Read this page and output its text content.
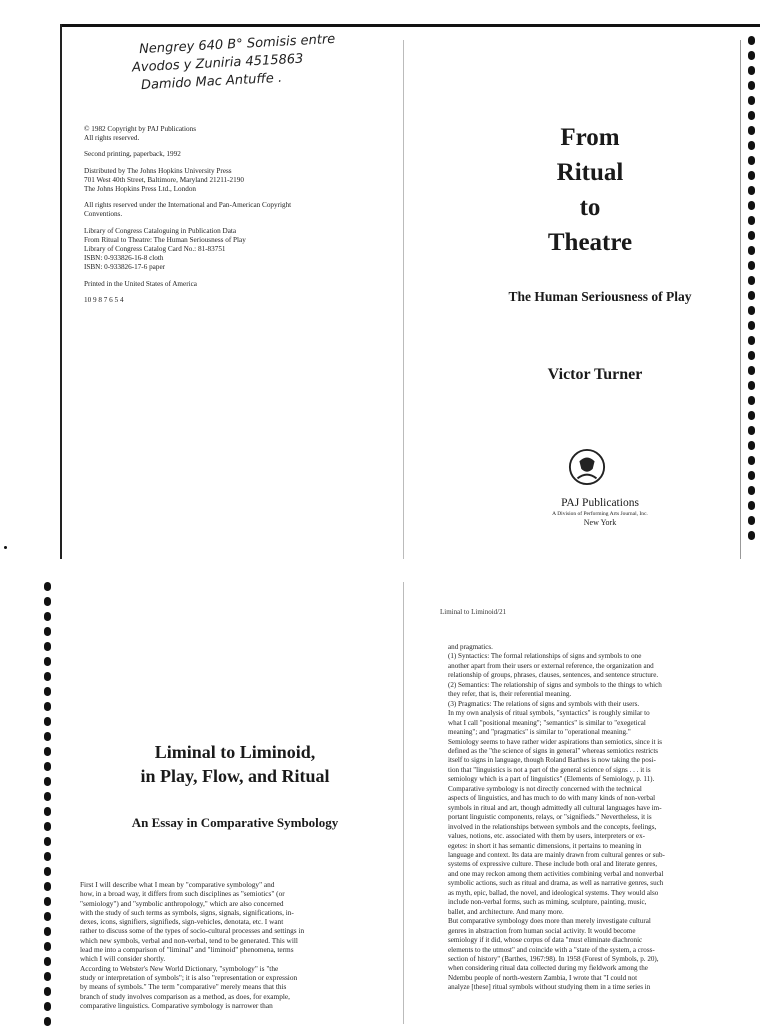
Nengrey 640 B° Somisis entre
Avodos y Zuniria 4515863
Damido Mac Antuffe .

© 1982 Copyright by PAJ Publications
All rights reserved.

Second printing, paperback, 1992

Distributed by The Johns Hopkins University Press
701 West 40th Street, Baltimore, Maryland 21211-2190
The Johns Hopkins Press Ltd., London

All rights reserved under the International and Pan-American Copyright
Conventions.

Library of Congress Cataloguing in Publication Data
From Ritual to Theatre: The Human Seriousness of Play
Library of Congress Catalog Card No.: 81-83751
ISBN: 0-933826-16-8 cloth
ISBN: 0-933826-17-6 paper

Printed in the United States of America

10 9 8 7 6 5 4

From

Ritual

to

Theatre

The Human Seriousness of Play
Victor Turner
PAJ Publications
A Division of Performing Arts Journal, Inc.
New York
Liminal to Liminoid,
in Play, Flow, and Ritual
An Essay in Comparative Symbology
First I will describe what I mean by "comparative symbology" and
how, in a broad way, it differs from such disciplines as "semiotics" (or
"semiology") and "symbolic anthropology," which are also concerned
with the study of such terms as symbols, signs, signals, significations, in-
dexes, icons, signifiers, signifieds, sign-vehicles, denotata, etc. I want
rather to discuss some of the types of socio-cultural processes and settings in
which new symbols, verbal and non-verbal, tend to be generated. This will
lead me into a comparison of "liminal" and "liminoid" phenomena, terms
which I will consider shortly.
According to Webster's New World Dictionary, "symbology" is "the
study or interpretation of symbols"; it is also "representation or expression
by means of symbols." The term "comparative" merely means that this
branch of study involves comparison as a method, as does, for example,
comparative linguistics. Comparative symbology is narrower than
Liminal to Liminoid/21
and pragmatics.
(1) Syntactics: The formal relationships of signs and symbols to one
another apart from their users or external reference, the organization and
relationship of groups, phrases, clauses, sentences, and sentence structure.
(2) Semantics: The relationship of signs and symbols to the things to which
they refer, that is, their referential meaning.
(3) Pragmatics: The relations of signs and symbols with their users.
In my own analysis of ritual symbols, "syntactics" is roughly similar to
what I call "positional meaning"; "semantics" is similar to "exegetical
meaning"; and "pragmatics" is similar to "operational meaning."
Semiology seems to have rather wider aspirations than semiotics, since it is
defined as the "the science of signs in general" whereas semiotics restricts
itself to signs in language, though Roland Barthes is now taking the posi-
tion that "linguistics is not a part of the general science of signs . . . it is
semiology which is a part of linguistics" (Elements of Semiology, p. 11).
Comparative symbology is not directly concerned with the technical
aspects of linguistics, and has much to do with many kinds of non-verbal
symbols in ritual and art, though admittedly all cultural languages have im-
portant linguistic components, relays, or "signifieds." Nevertheless, it is
involved in the relationships between symbols and the concepts, feelings,
values, notions, etc. associated with them by users, interpreters or ex-
egetes: in short it has semantic dimensions, it pertains to meaning in
language and context. Its data are mainly drawn from cultural genres or sub-
systems of expressive culture. These include both oral and literate genres,
and one may reckon among them activities combining verbal and nonverbal
symbolic actions, such as ritual and drama, as well as narrative genres, such
as myth, epic, ballad, the novel, and ideological systems. They would also
include non-verbal forms, such as miming, sculpture, painting, music,
ballet, and architecture. And many more.
But comparative symbology does more than merely investigate cultural
genres in abstraction from human social activity. It would become
semiology if it did, whose corpus of data "must eliminate diachronic
elements to the utmost" and coincide with a "state of the system, a cross-
section of history" (Barthes, 1967:98). In 1958 (Forest of Symbols, p. 20),
when considering ritual data collected during my fieldwork among the
Ndembu people of north-western Zambia, I wrote that "I could not
analyze [these] ritual symbols without studying them in a time series in
